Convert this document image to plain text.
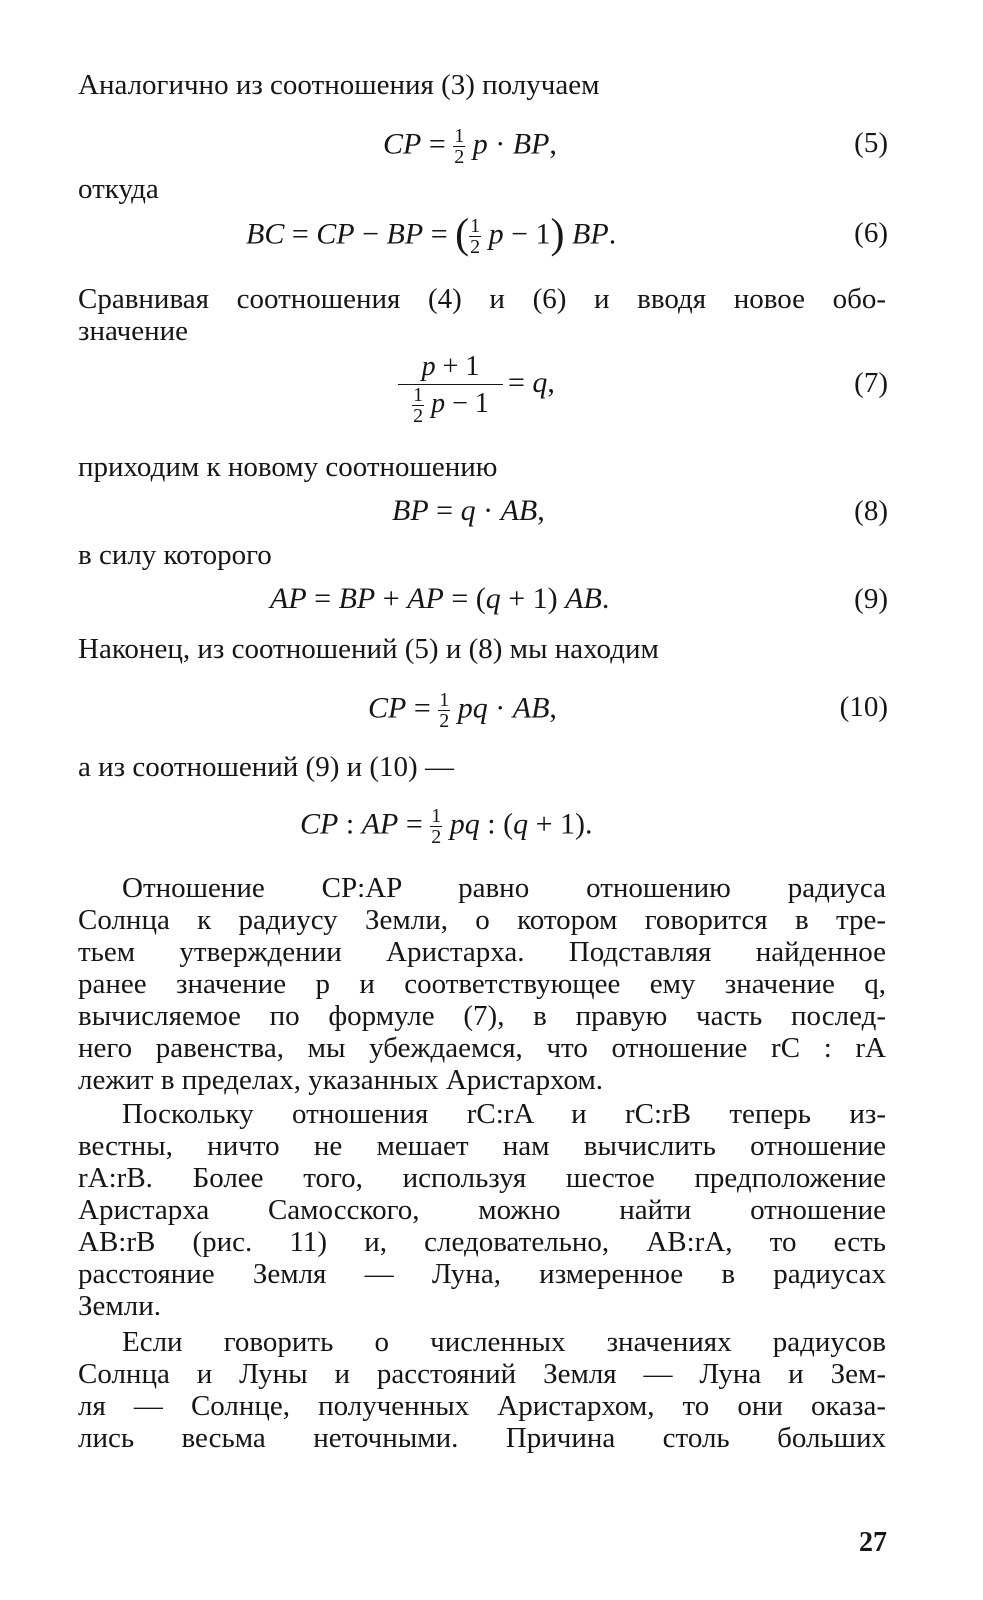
Аналогично из соотношения (3) получаем
CP = $\frac{1}{2}$ p · BP,	(5)
откуда
BC = CP − BP = ( $\frac{1}{2}$ p − 1) BP.	(6)
Сравнивая соотношения (4) и (6) и вводя новое обо-
значение
p + 1
$\frac{1}{2}$ p − 1
= q,	(7)
приходим к новому соотношению
BP = q · AB,	(8)
в силу которого
AP = BP + AP = (q + 1) AB.	(9)
Наконец, из соотношений (5) и (8) мы находим
CP = $\frac{1}{2}$ pq · AB,	(10)
а из соотношений (9) и (10) —
CP : AP = $\frac{1}{2}$ pq : (q + 1).
Отношение CP:AP равно отношению радиуса
Солнца к радиусу Земли, о котором говорится в тре-
тьем утверждении Аристарха. Подставляя найденное
ранее значение p и соответствующее ему значение q,
вычисляемое по формуле (7), в правую часть послед-
него равенства, мы убеждаемся, что отношение rC : rA
лежит в пределах, указанных Аристархом.
Поскольку отношения rC:rA и rC:rB теперь из-
вестны, ничто не мешает нам вычислить отношение
rA:rB. Более того, используя шестое предположение
Аристарха Самосского, можно найти отношение
AB:rB (рис. 11) и, следовательно, AB:rA, то есть
расстояние Земля — Луна, измеренное в радиусах
Земли.
Если говорить о численных значениях радиусов
Солнца и Луны и расстояний Земля — Луна и Зем-
ля — Солнце, полученных Аристархом, то они оказа-
лись весьма неточными. Причина столь больших
27
